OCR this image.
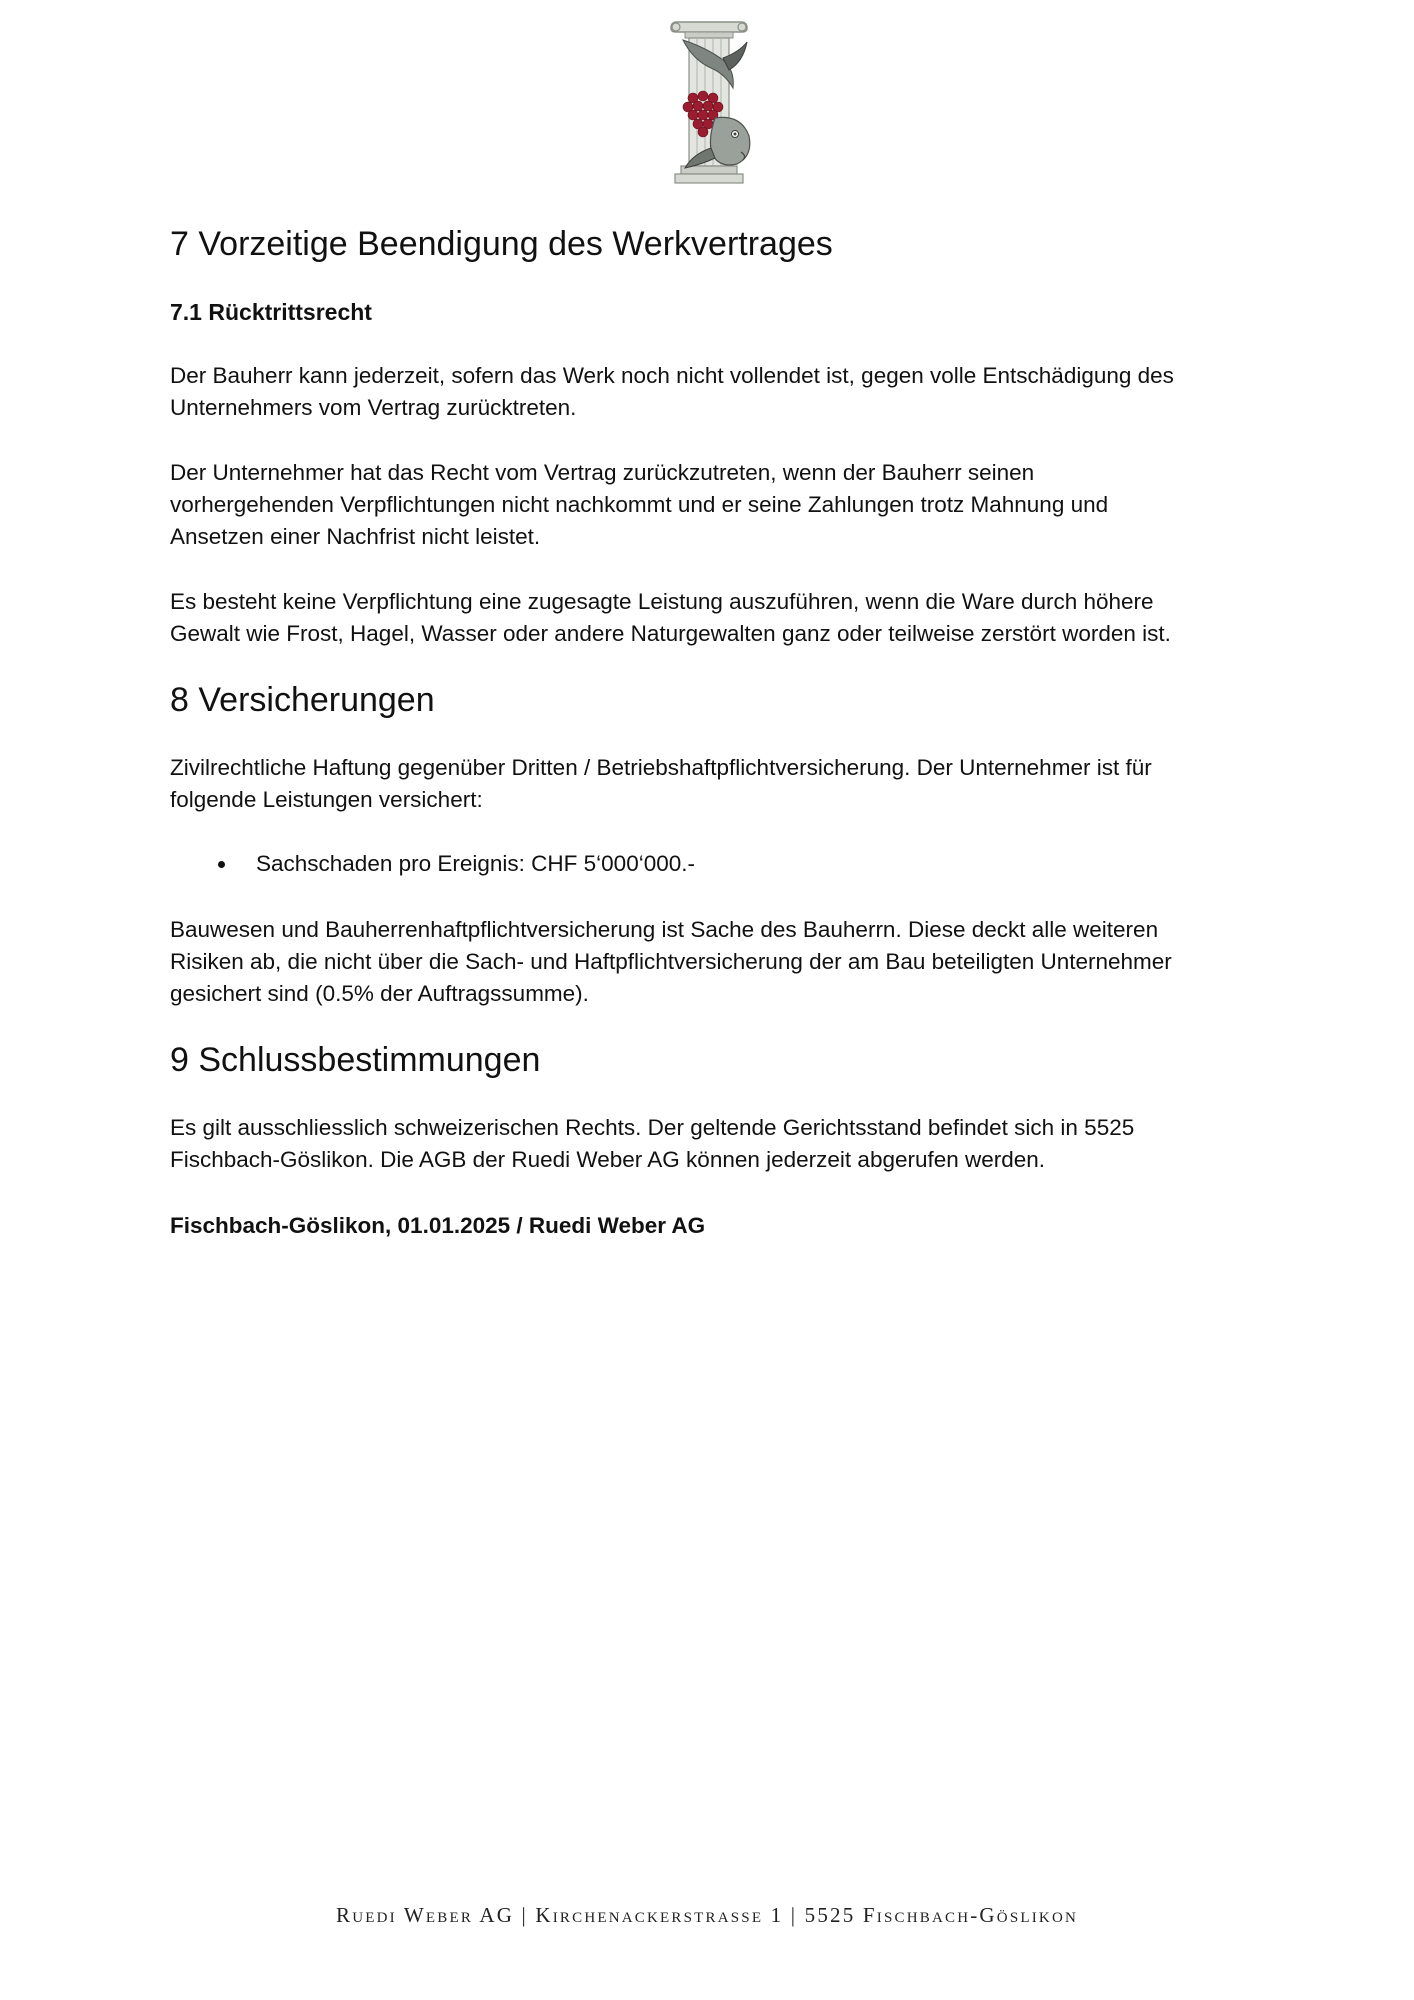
7 Vorzeitige Beendigung des Werkvertrages
7.1 Rücktrittsrecht

Der Bauherr kann jederzeit, sofern das Werk noch nicht vollendet ist, gegen volle Entschädigung des

Unternehmers vom Vertrag zurücktreten.

Der Unternehmer hat das Recht vom Vertrag zurückzutreten, wenn der Bauherr seinen

vorhergehenden Verpflichtungen nicht nachkommt und er seine Zahlungen trotz Mahnung und

Ansetzen einer Nachfrist nicht leistet.

Es besteht keine Verpflichtung eine zugesagte Leistung auszuführen, wenn die Ware durch höhere

Gewalt wie Frost, Hagel, Wasser oder andere Naturgewalten ganz oder teilweise zerstört worden ist.

8 Versicherungen

Zivilrechtliche Haftung gegenüber Dritten / Betriebshaftpflichtversicherung. Der Unternehmer ist für

folgende Leistungen versichert:

Sachschaden pro Ereignis: CHF 5‘000‘000.-

Bauwesen und Bauherrenhaftpflichtversicherung ist Sache des Bauherrn. Diese deckt alle weiteren

Risiken ab, die nicht über die Sach- und Haftpflichtversicherung der am Bau beteiligten Unternehmer

gesichert sind (0.5% der Auftragssumme).

9 Schlussbestimmungen

Es gilt ausschliesslich schweizerischen Rechts. Der geltende Gerichtsstand befindet sich in 5525

Fischbach-Göslikon. Die AGB der Ruedi Weber AG können jederzeit abgerufen werden.

Fischbach-Göslikon, 01.01.2025 / Ruedi Weber AG

Ruedi Weber AG | Kirchenackerstrasse 1 | 5525 Fischbach-Göslikon
